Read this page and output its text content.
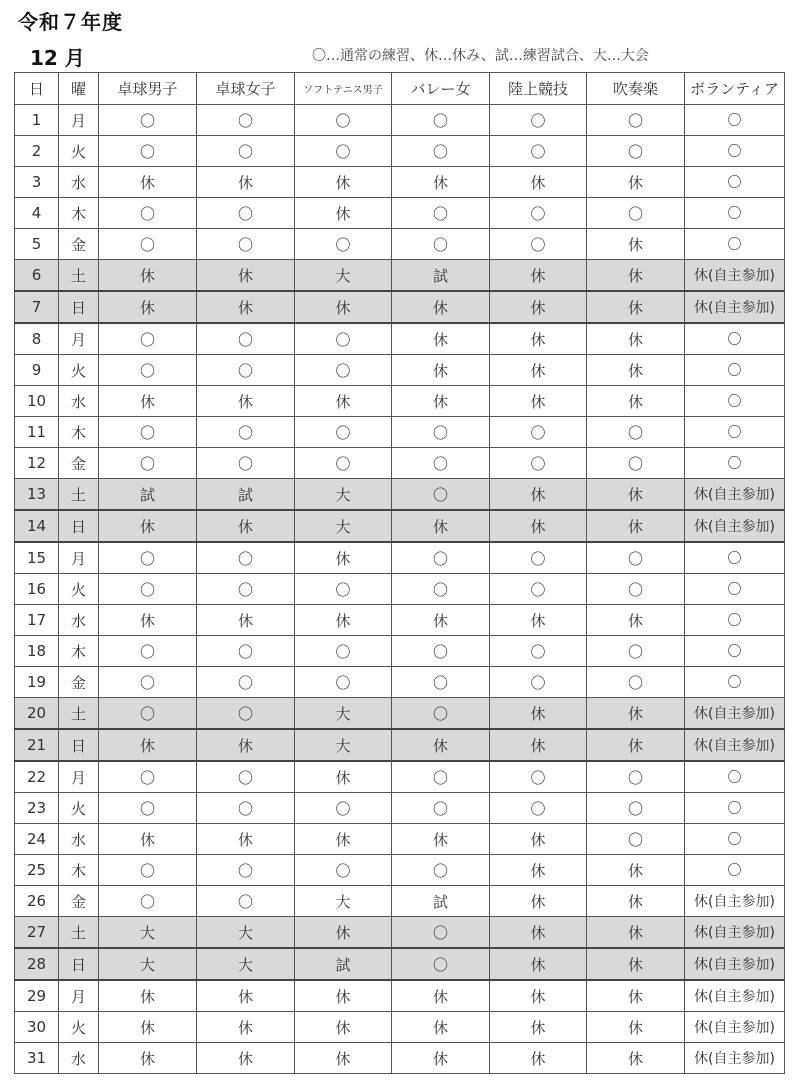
令和７年度
12 月	〇…通常の練習、休…休み、試…練習試合、大…大会
日	曜	卓球男子	卓球女子	ソフトテニス男子	バレー女	陸上競技	吹奏楽	ボランティア
1	月	〇	〇	〇	〇	〇	〇	〇
2	火	〇	〇	〇	〇	〇	〇	〇
3	水	休	休	休	休	休	休	〇
4	木	〇	〇	休	〇	〇	〇	〇
5	金	〇	〇	〇	〇	〇	休	〇
6	土	休	休	大	試	休	休	休(自主参加)
7	日	休	休	休	休	休	休	休(自主参加)
8	月	〇	〇	〇	休	休	休	〇
9	火	〇	〇	〇	休	休	休	〇
10	水	休	休	休	休	休	休	〇
11	木	〇	〇	〇	〇	〇	〇	〇
12	金	〇	〇	〇	〇	〇	〇	〇
13	土	試	試	大	〇	休	休	休(自主参加)
14	日	休	休	大	休	休	休	休(自主参加)
15	月	〇	〇	休	〇	〇	〇	〇
16	火	〇	〇	〇	〇	〇	〇	〇
17	水	休	休	休	休	休	休	〇
18	木	〇	〇	〇	〇	〇	〇	〇
19	金	〇	〇	〇	〇	〇	〇	〇
20	土	〇	〇	大	〇	休	休	休(自主参加)
21	日	休	休	大	休	休	休	休(自主参加)
22	月	〇	〇	休	〇	〇	〇	〇
23	火	〇	〇	〇	〇	〇	〇	〇
24	水	休	休	休	休	休	〇	〇
25	木	〇	〇	〇	〇	休	休	〇
26	金	〇	〇	大	試	休	休	休(自主参加)
27	土	大	大	休	〇	休	休	休(自主参加)
28	日	大	大	試	〇	休	休	休(自主参加)
29	月	休	休	休	休	休	休	休(自主参加)
30	火	休	休	休	休	休	休	休(自主参加)
31	水	休	休	休	休	休	休	休(自主参加)
